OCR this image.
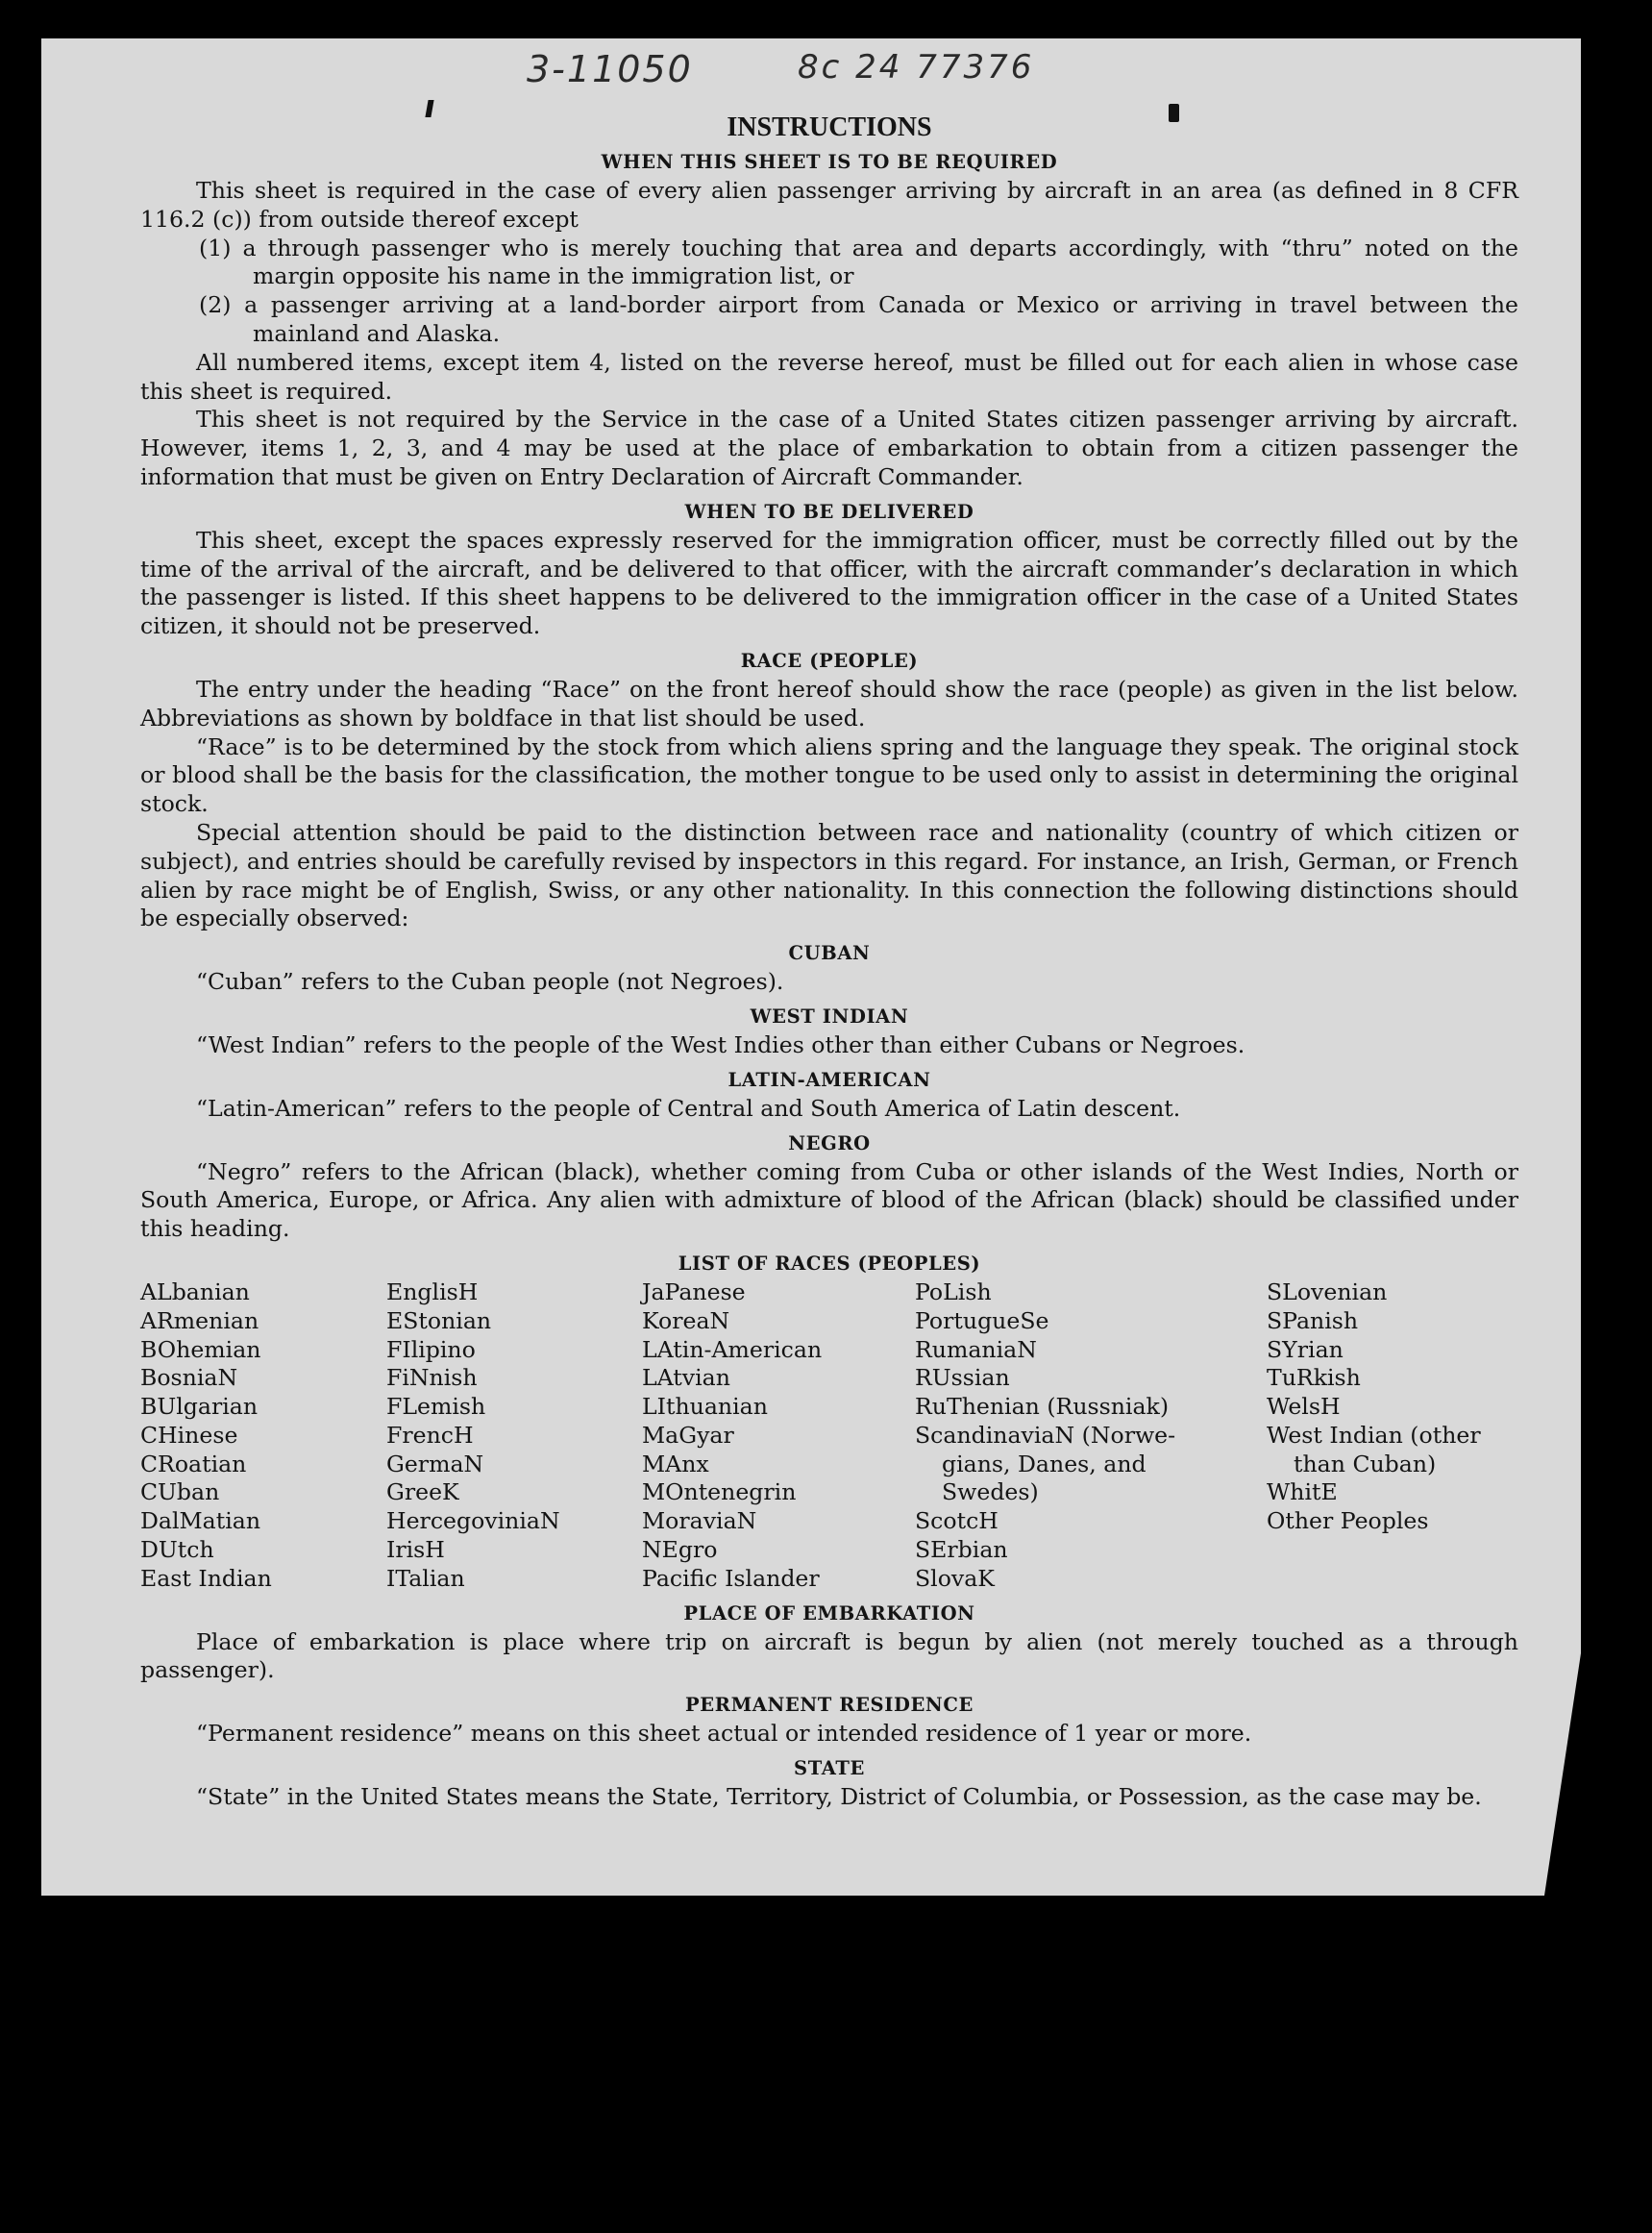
3-11050	8c 24 77376
INSTRUCTIONS
WHEN THIS SHEET IS TO BE REQUIRED

This sheet is required in the case of every alien passenger arriving by aircraft in an area (as defined in 8 CFR 116.2 (c)) from outside thereof except

(1) a through passenger who is merely touching that area and departs accordingly, with “thru” noted on the margin opposite his name in the immigration list, or
(2) a passenger arriving at a land-border airport from Canada or Mexico or arriving in travel between the mainland and Alaska.

All numbered items, except item 4, listed on the reverse hereof, must be filled out for each alien in whose case this sheet is required.

This sheet is not required by the Service in the case of a United States citizen passenger arriving by aircraft. However, items 1, 2, 3, and 4 may be used at the place of embarkation to obtain from a citizen passenger the information that must be given on Entry Declaration of Aircraft Commander.

WHEN TO BE DELIVERED

This sheet, except the spaces expressly reserved for the immigration officer, must be correctly filled out by the time of the arrival of the aircraft, and be delivered to that officer, with the aircraft commander’s declaration in which the passenger is listed. If this sheet happens to be delivered to the immigration officer in the case of a United States citizen, it should not be preserved.

RACE (PEOPLE)

The entry under the heading “Race” on the front hereof should show the race (people) as given in the list below. Abbreviations as shown by boldface in that list should be used.

“Race” is to be determined by the stock from which aliens spring and the language they speak. The original stock or blood shall be the basis for the classification, the mother tongue to be used only to assist in determining the original stock.

Special attention should be paid to the distinction between race and nationality (country of which citizen or subject), and entries should be carefully revised by inspectors in this regard. For instance, an Irish, German, or French alien by race might be of English, Swiss, or any other nationality. In this connection the following distinctions should be especially observed:

CUBAN

“Cuban” refers to the Cuban people (not Negroes).

WEST INDIAN

“West Indian” refers to the people of the West Indies other than either Cubans or Negroes.

LATIN-AMERICAN

“Latin-American” refers to the people of Central and South America of Latin descent.

NEGRO

“Negro” refers to the African (black), whether coming from Cuba or other islands of the West Indies, North or South America, Europe, or Africa. Any alien with admixture of blood of the African (black) should be classified under this heading.

LIST OF RACES (PEOPLES)
ALbanian
ARmenian
BOhemian
BosniaN
BUlgarian
CHinese
CRoatian
CUban
DalMatian
DUtch
East Indian
EnglisH
EStonian
FIlipino
FiNnish
FLemish
FrencH
GermaN
GreeK
HercegoviniaN
IrisH
ITalian
JaPanese
KoreaN
LAtin-American
LAtvian
LIthuanian
MaGyar
MAnx
MOntenegrin
MoraviaN
NEgro
Pacific Islander
PoLish
PortugueSe
RumaniaN
RUssian
RuThenian (Russniak)
ScandinaviaN (Norwe-
gians, Danes, and
Swedes)
ScotcH
SErbian
SlovaK
SLovenian
SPanish
SYrian
TuRkish
WelsH
West Indian (other
than Cuban)
WhitE
Other Peoples
PLACE OF EMBARKATION

Place of embarkation is place where trip on aircraft is begun by alien (not merely touched as a through passenger).

PERMANENT RESIDENCE

“Permanent residence” means on this sheet actual or intended residence of 1 year or more.

STATE

“State” in the United States means the State, Territory, District of Columbia, or Possession, as the case may be.
